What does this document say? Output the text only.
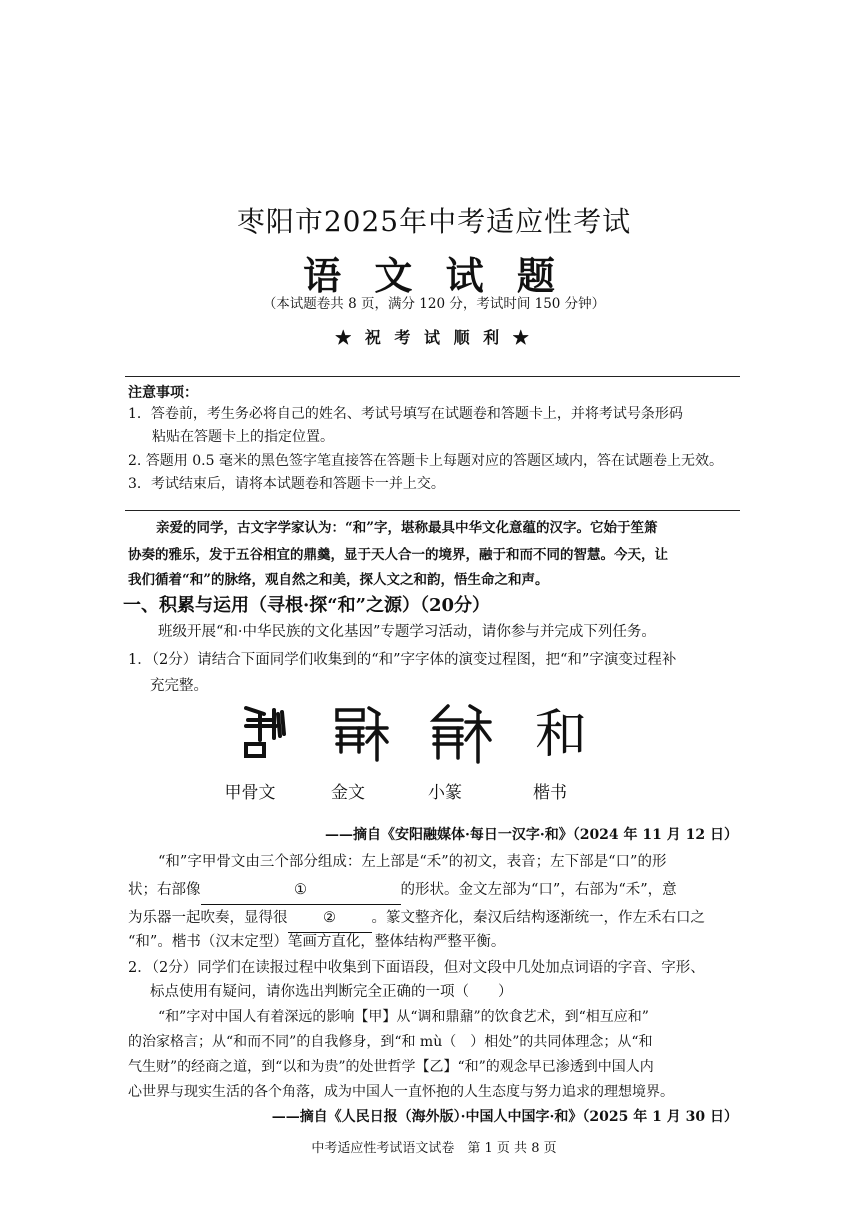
枣阳市2025年中考适应性考试
语 文 试 题
（本试题卷共 8 页，满分 120 分，考试时间 150 分钟）
★ 祝 考 试 顺 利 ★
注意事项：
1．答卷前，考生务必将自己的姓名、考试号填写在试题卷和答题卡上，并将考试号条形码
粘贴在答题卡上的指定位置。
2. 答题用 0.5 毫米的黑色签字笔直接答在答题卡上每题对应的答题区域内，答在试题卷上无效。
3．考试结束后，请将本试题卷和答题卡一并上交。
亲爱的同学，古文字学家认为：“和”字，堪称最具中华文化意蕴的汉字。它始于笙箫
协奏的雅乐，发于五谷相宜的鼎羹，显于天人合一的境界，融于和而不同的智慧。今天，让
我们循着“和”的脉络，观自然之和美，探人文之和韵，悟生命之和声。
一、积累与运用（寻根·探“和”之源）（20分）
班级开展“和·中华民族的文化基因”专题学习活动，请你参与并完成下列任务。
1．（2分）请结合下面同学们收集到的“和”字字体的演变过程图，把“和”字演变过程补
充完整。
和
甲骨文	金文	小篆	楷书
——摘自《安阳融媒体·每日一汉字·和》（2024 年 11 月 12 日）
“和”字甲骨文由三个部分组成：左上部是“禾”的初文，表音；左下部是“口”的形
状；右部像	①	的形状。金文左部为“口”，右部为“禾”，意
为乐器一起吹奏，显得很 ② 。篆文整齐化，秦汉后结构逐渐统一，作左禾右口之
“和”。楷书（汉末定型）笔画方直化，整体结构严整平衡。
2．（2分）同学们在读报过程中收集到下面语段，但对文段中几处加点词语的字音、字形、
标点使用有疑问，请你选出判断完全正确的一项（　　）
“和”字对中国人有着深远的影响【甲】从“调和鼎鼐”的饮食艺术，到“相互应和”
的治家格言；从“和而不同”的自我修身，到“和 mù（　）相处”的共同体理念；从“和
气生财”的经商之道，到“以和为贵”的处世哲学【乙】“和”的观念早已渗透到中国人内
心世界与现实生活的各个角落，成为中国人一直怀抱的人生态度与努力追求的理想境界。
——摘自《人民日报（海外版）·中国人中国字·和》（2025 年 1 月 30 日）
中考适应性考试语文试卷　第 1 页 共 8 页
